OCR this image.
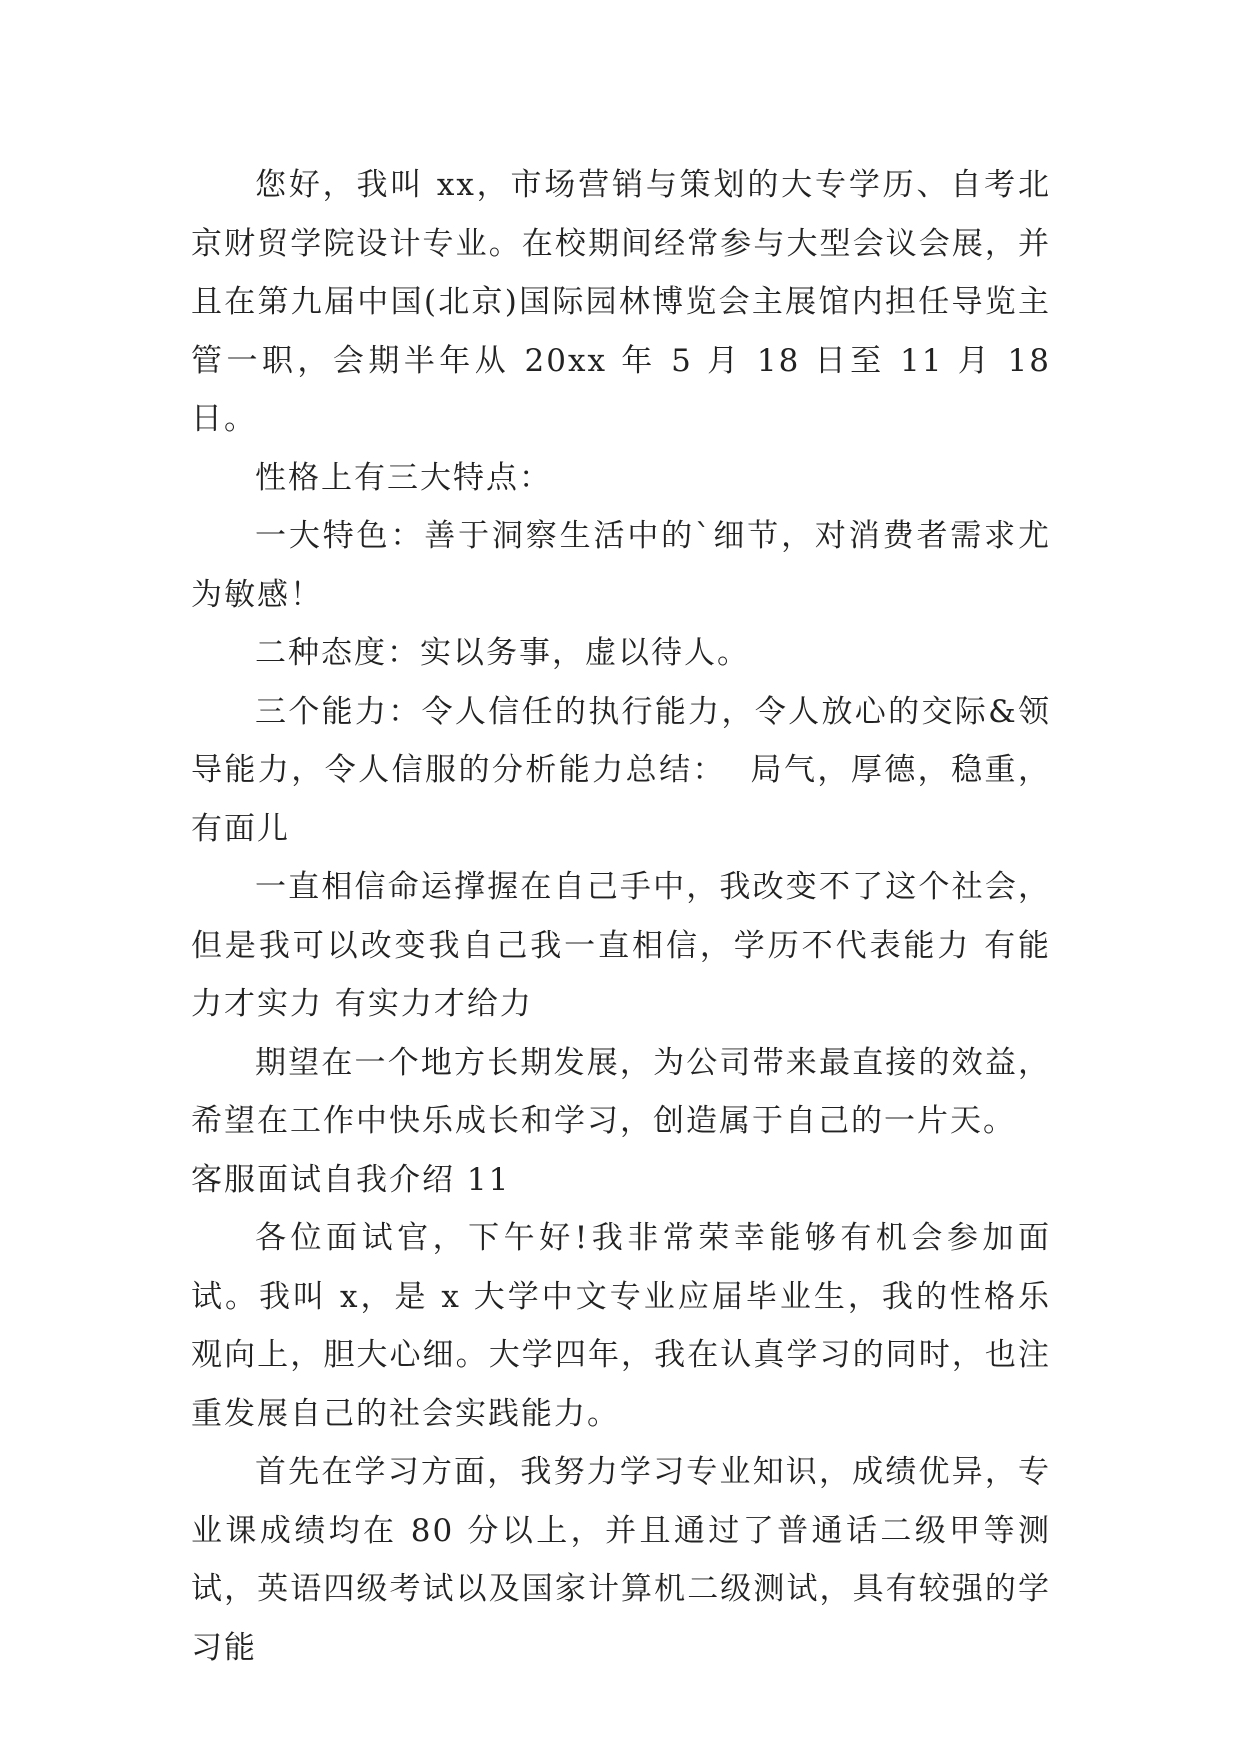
您好，我叫 xx，市场营销与策划的大专学历、自考北京财贸学院设计专业。在校期间经常参与大型会议会展，并且在第九届中国(北京)国际园林博览会主展馆内担任导览主管一职，会期半年从 20xx 年 5 月 18 日至 11 月 18 日。

性格上有三大特点：

一大特色：善于洞察生活中的`细节，对消费者需求尤为敏感！

二种态度：实以务事，虚以待人。

三个能力：令人信任的执行能力，令人放心的交际&领导能力，令人信服的分析能力总结：  局气，厚德，稳重，有面儿

一直相信命运撑握在自己手中，我改变不了这个社会，但是我可以改变我自己我一直相信，学历不代表能力 有能力才实力 有实力才给力

期望在一个地方长期发展，为公司带来最直接的效益，希望在工作中快乐成长和学习，创造属于自己的一片天。

客服面试自我介绍 11

各位面试官，下午好!我非常荣幸能够有机会参加面试。我叫 x，是 x 大学中文专业应届毕业生，我的性格乐观向上，胆大心细。大学四年，我在认真学习的同时，也注重发展自己的社会实践能力。

首先在学习方面，我努力学习专业知识，成绩优异，专业课成绩均在 80 分以上，并且通过了普通话二级甲等测试，英语四级考试以及国家计算机二级测试，具有较强的学习能
